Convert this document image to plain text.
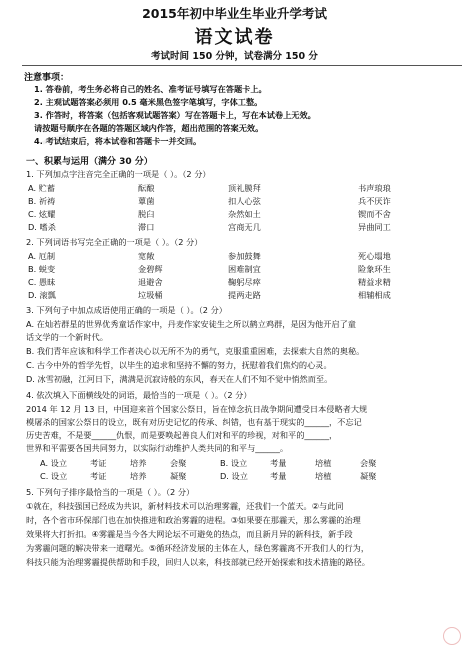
—
2015年初中毕业生毕业升学考试
语文试卷
考试时间 150 分钟，试卷满分 150 分
注意事项：
1. 答卷前，考生务必将自己的姓名、准考证号填写在答题卡上。
2. 主观试题答案必须用 0.5 毫米黑色签字笔填写，字体工整。
3. 作答时，将答案（包括客观试题答案）写在答题卡上，写在本试卷上无效。
请按题号顺序在各题的答题区域内作答，超出范围的答案无效。
4. 考试结束后，将本试卷和答题卡一并交回。
一、积累与运用（满分 30 分）
1. 下列加点字注音完全正确的一项是（ ）。（2 分）
A. 贮蓄	酝酿	顶礼膜拜	书声琅琅
B. 祈祷	蕈菌	扣人心弦	兵不厌诈
C. 炫耀	脱臼	杂然如土	锲而不舍
D. 嗜杀	滞口	宫商无几	异曲同工
2. 下列词语书写完全正确的一项是（ ）。（2 分）
A. 厄制	宽敞	参加鼓舞	死心塌地
B. 蜕变	金碧辉	困难制宜	险象环生
C. 愚昧	退避舍	鞠躬尽瘁	精益求精
D. 滚瓢	垃圾桶	提两走路	相辅相成
3. 下列句子中加点成语使用正确的一项是（ ）。（2 分）
A. 在灿若群星的世界优秀童话作家中，丹麦作家安徒生之所以鹤立鸡群，是因为他开启了童
话文学的一个新时代。
B. 我们青年应该和科学工作者决心以无所不为的勇气，克服重重困难，去探索大自然的奥秘。
C. 古今中外的哲学先哲，以毕生的追求和坚持不懈的努力，抚慰着我们焦灼的心灵。
D. 冰雪初融，江河日下，满满是沉寂诗般的东风，春天在人们不知不觉中悄然而至。
4. 依次填入下面横线处的词语，最恰当的一项是（ ）。（2 分）
2014 年 12 月 13 日，中国迎来首个国家公祭日，旨在悼念抗日战争期间遭受日本侵略者大规
模屠杀的国家公祭日的设立，既有对历史记忆的传承、纠错，也有基于现实的______，不忘记
历史苦难，不是要______仇恨，而是要唤起善良人们对和平的珍视，对和平的______，
世界和平需要各国共同努力，以实际行动维护人类共同的和平与______。
A. 设立	考证	培养	会聚	B. 设立	考量	培植	会聚
C. 设立	考证	培养	凝聚	D. 设立	考量	培植	凝聚
5. 下列句子排序最恰当的一项是（ ）。（2 分）
①就在，科技强国已经成为共识，新材料技术可以治理雾霾，还我们一个蓝天。②与此同
时，各个省市环保部门也在加快推进和政治雾霾的进程。③如果要在那霾天，那么雾霾的治理
效果将大打折扣。④雾霾是当今各大网论坛不可避免的热点，而且新月异的新科技，新手段
为雾霾问题的解决带来一道曙光。⑤循环经济发展的主体在人，绿色雾霾离不开我们人的行为，
科技只能为治理雾霾提供帮助和手段，回归人以来，科技部就已经开始探索和技术措施的路径。
